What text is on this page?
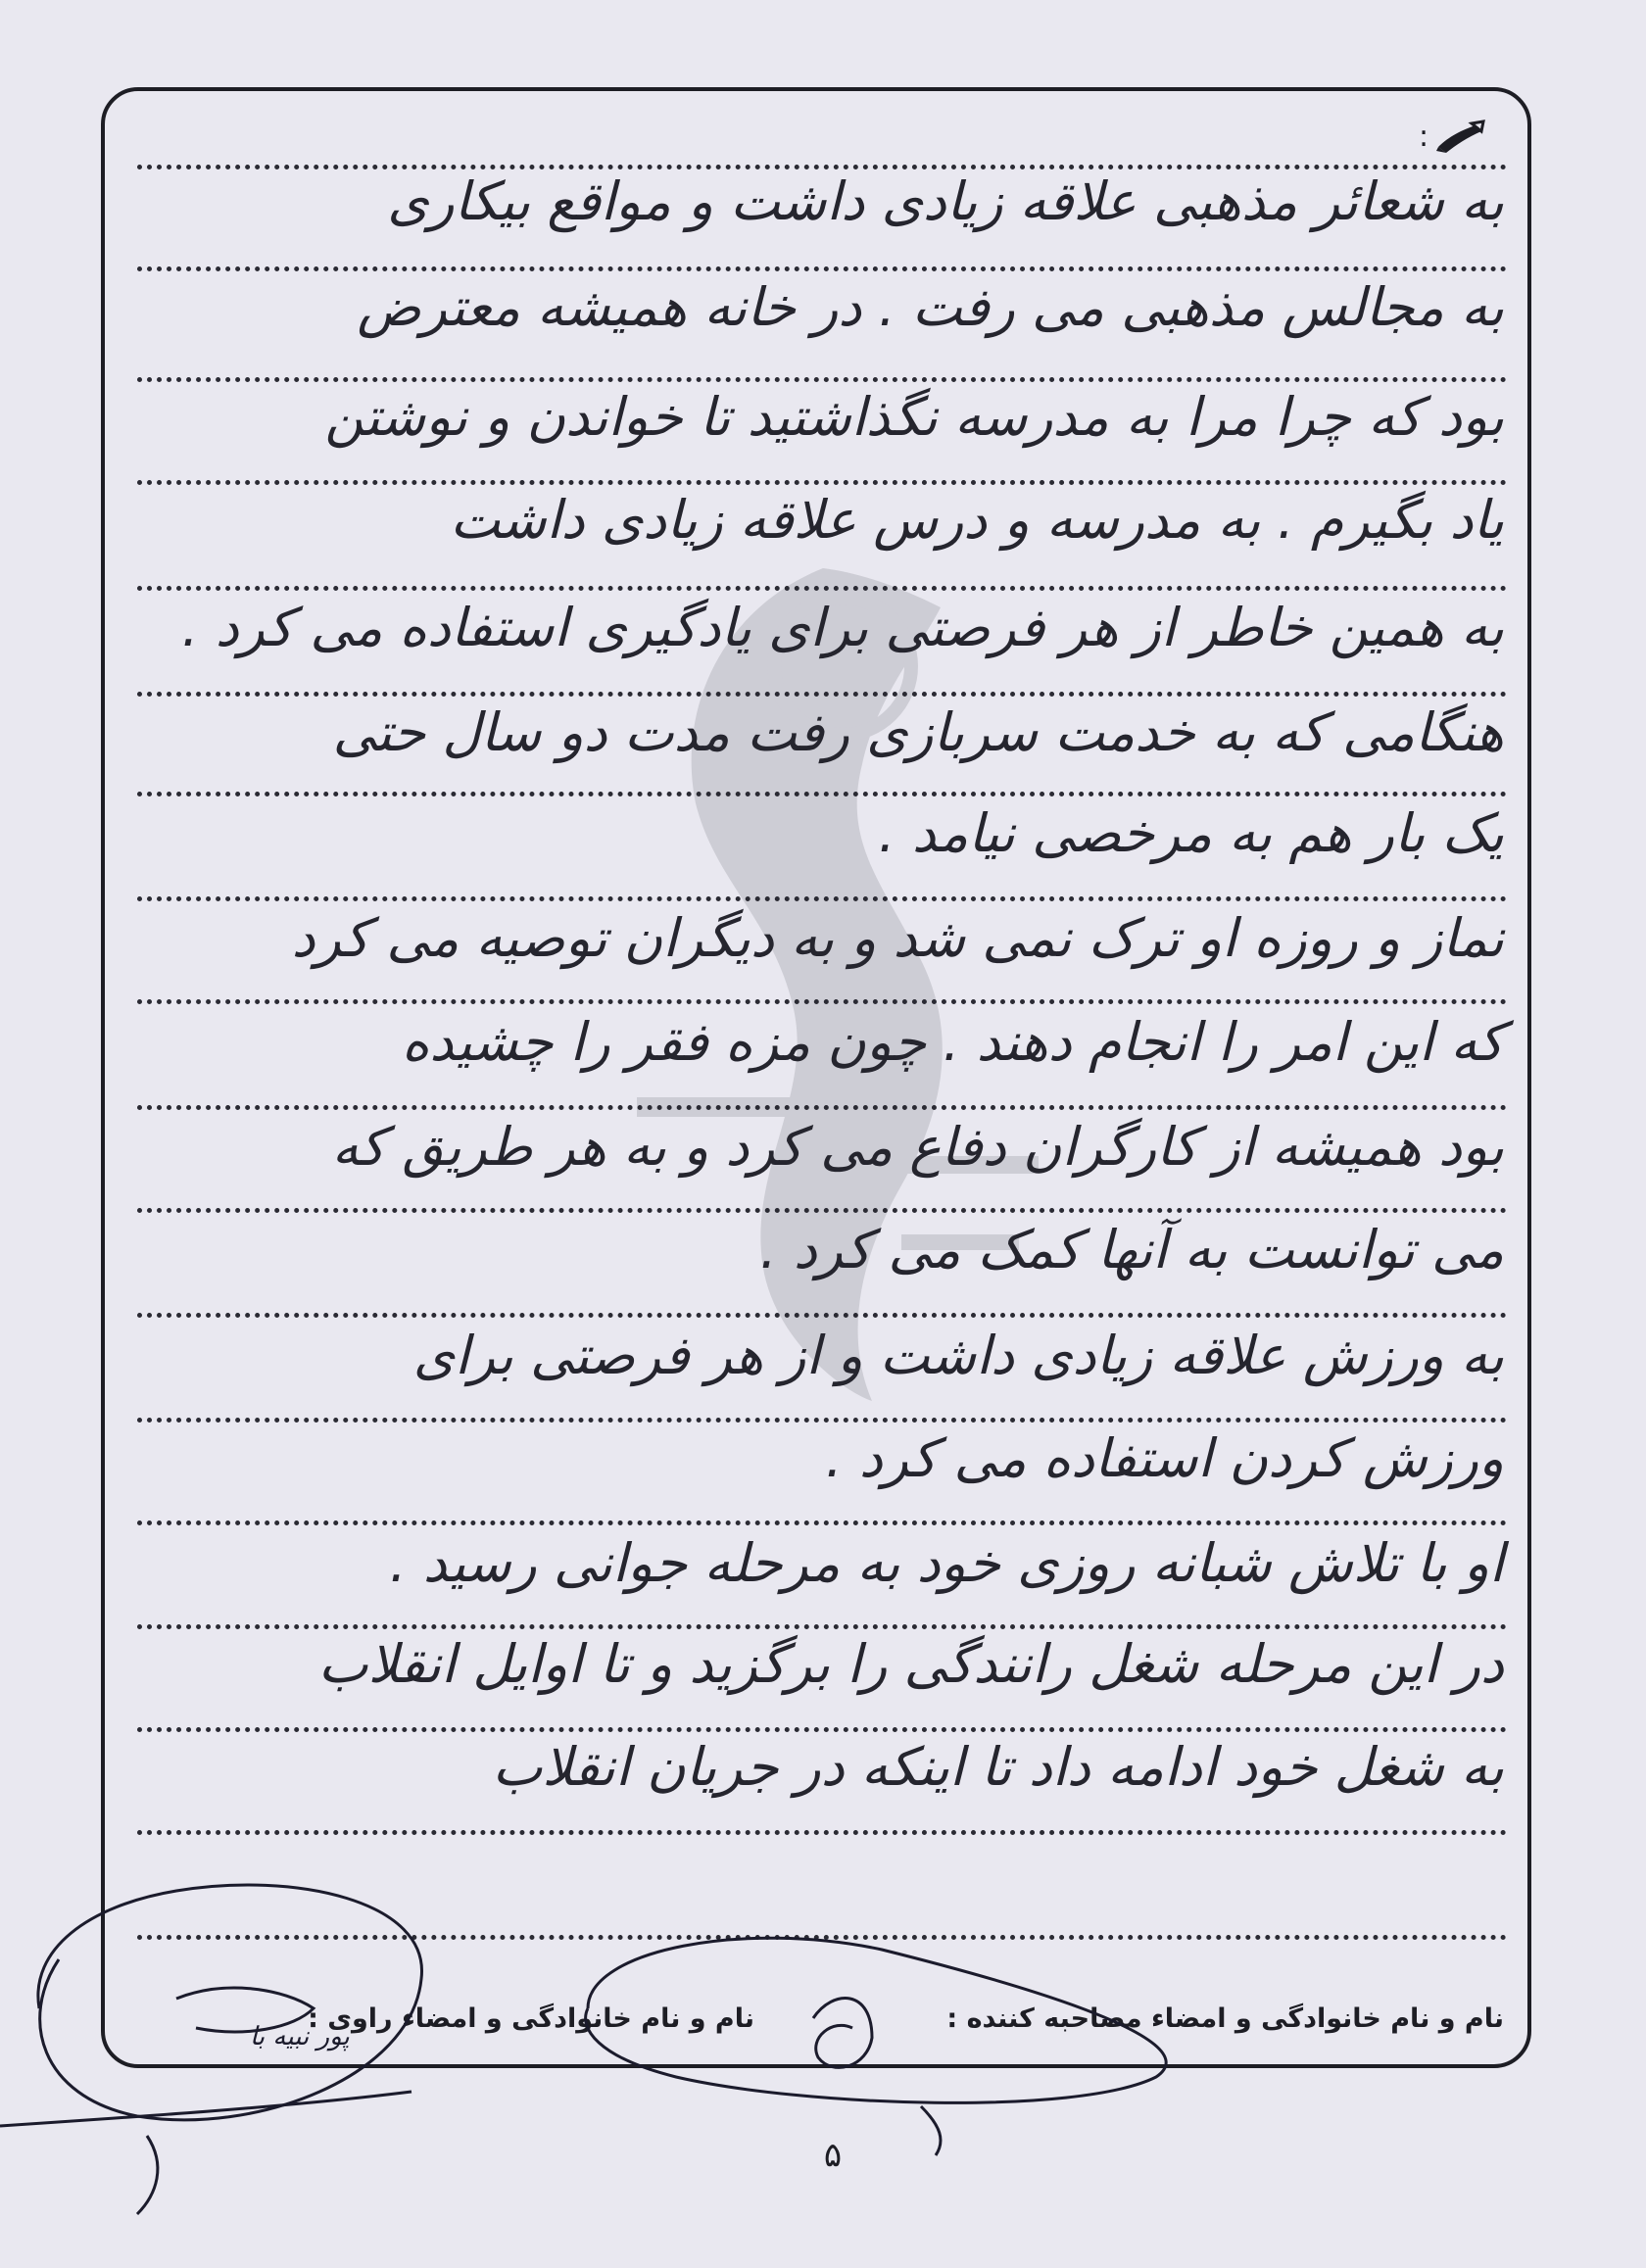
:
به شعائر مذهبی علاقه زیادی داشت و مواقع بیکاری
به مجالس مذهبی می رفت . در خانه همیشه معترض
بود که چرا مرا به مدرسه نگذاشتید تا خواندن و نوشتن
یاد بگیرم . به مدرسه و درس علاقه زیادی داشت
به همین خاطر از هر فرصتی برای یادگیری استفاده می کرد .
هنگامی که به خدمت سربازی رفت مدت دو سال حتی
یک بار هم به مرخصی نیامد .
نماز و روزه او ترک نمی شد و به دیگران توصیه می کرد
که این امر را انجام دهند . چون مزه فقر را چشیده
بود همیشه از کارگران دفاع می کرد و به هر طریق که
می توانست به آنها کمک می کرد .
به ورزش علاقه زیادی داشت و از هر فرصتی برای
ورزش کردن استفاده می کرد .
او با تلاش شبانه روزی خود به مرحله جوانی رسید .
در این مرحله شغل رانندگی را برگزید و تا اوایل انقلاب
به شغل خود ادامه داد تا اینکه در جریان انقلاب
نام و نام خانوادگی و امضاء مصاحبه کننده :
نام و نام خانوادگی و امضاء راوی :
ﭘﻮﺭ ﻧﺒﻴﻪ ﺑﺎ
۵
